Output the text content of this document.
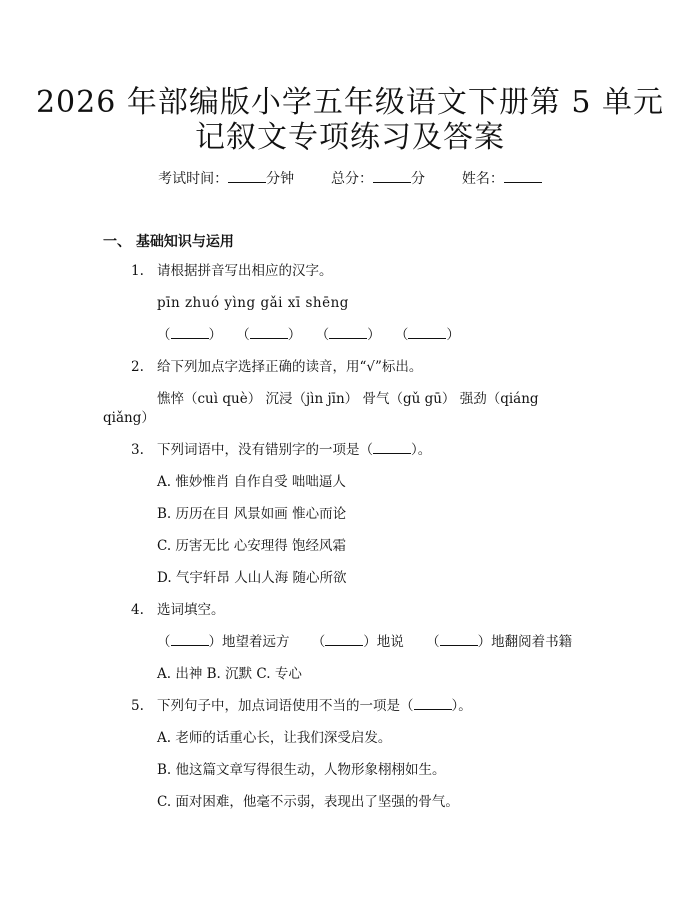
2026 年部编版小学五年级语文下册第 5 单元
记叙文专项练习及答案
考试时间：	分钟	总分：	分	姓名：
一、 基础知识与运用
1. 请根据拼音写出相应的汉字。
pīn zhuó yìng gǎi xī shēng
（	） （	） （	） （	）
2. 给下列加点字选择正确的读音，用“√”标出。
憔悴（cuì què） 沉浸（jìn jīn） 骨气（gǔ gū） 强劲（qiáng
qiǎng）
3. 下列词语中，没有错别字的一项是（	）。
A. 惟妙惟肖 自作自受 咄咄逼人
B. 历历在目 风景如画 惟心而论
C. 历害无比 心安理得 饱经风霜
D. 气宇轩昂 人山人海 随心所欲
4. 选词填空。
（	）地望着远方 （	）地说 （	）地翻阅着书籍
A. 出神 B. 沉默 C. 专心
5. 下列句子中，加点词语使用不当的一项是（	）。
A. 老师的话重心长，让我们深受启发。
B. 他这篇文章写得很生动，人物形象栩栩如生。
C. 面对困难，他毫不示弱，表现出了坚强的骨气。
